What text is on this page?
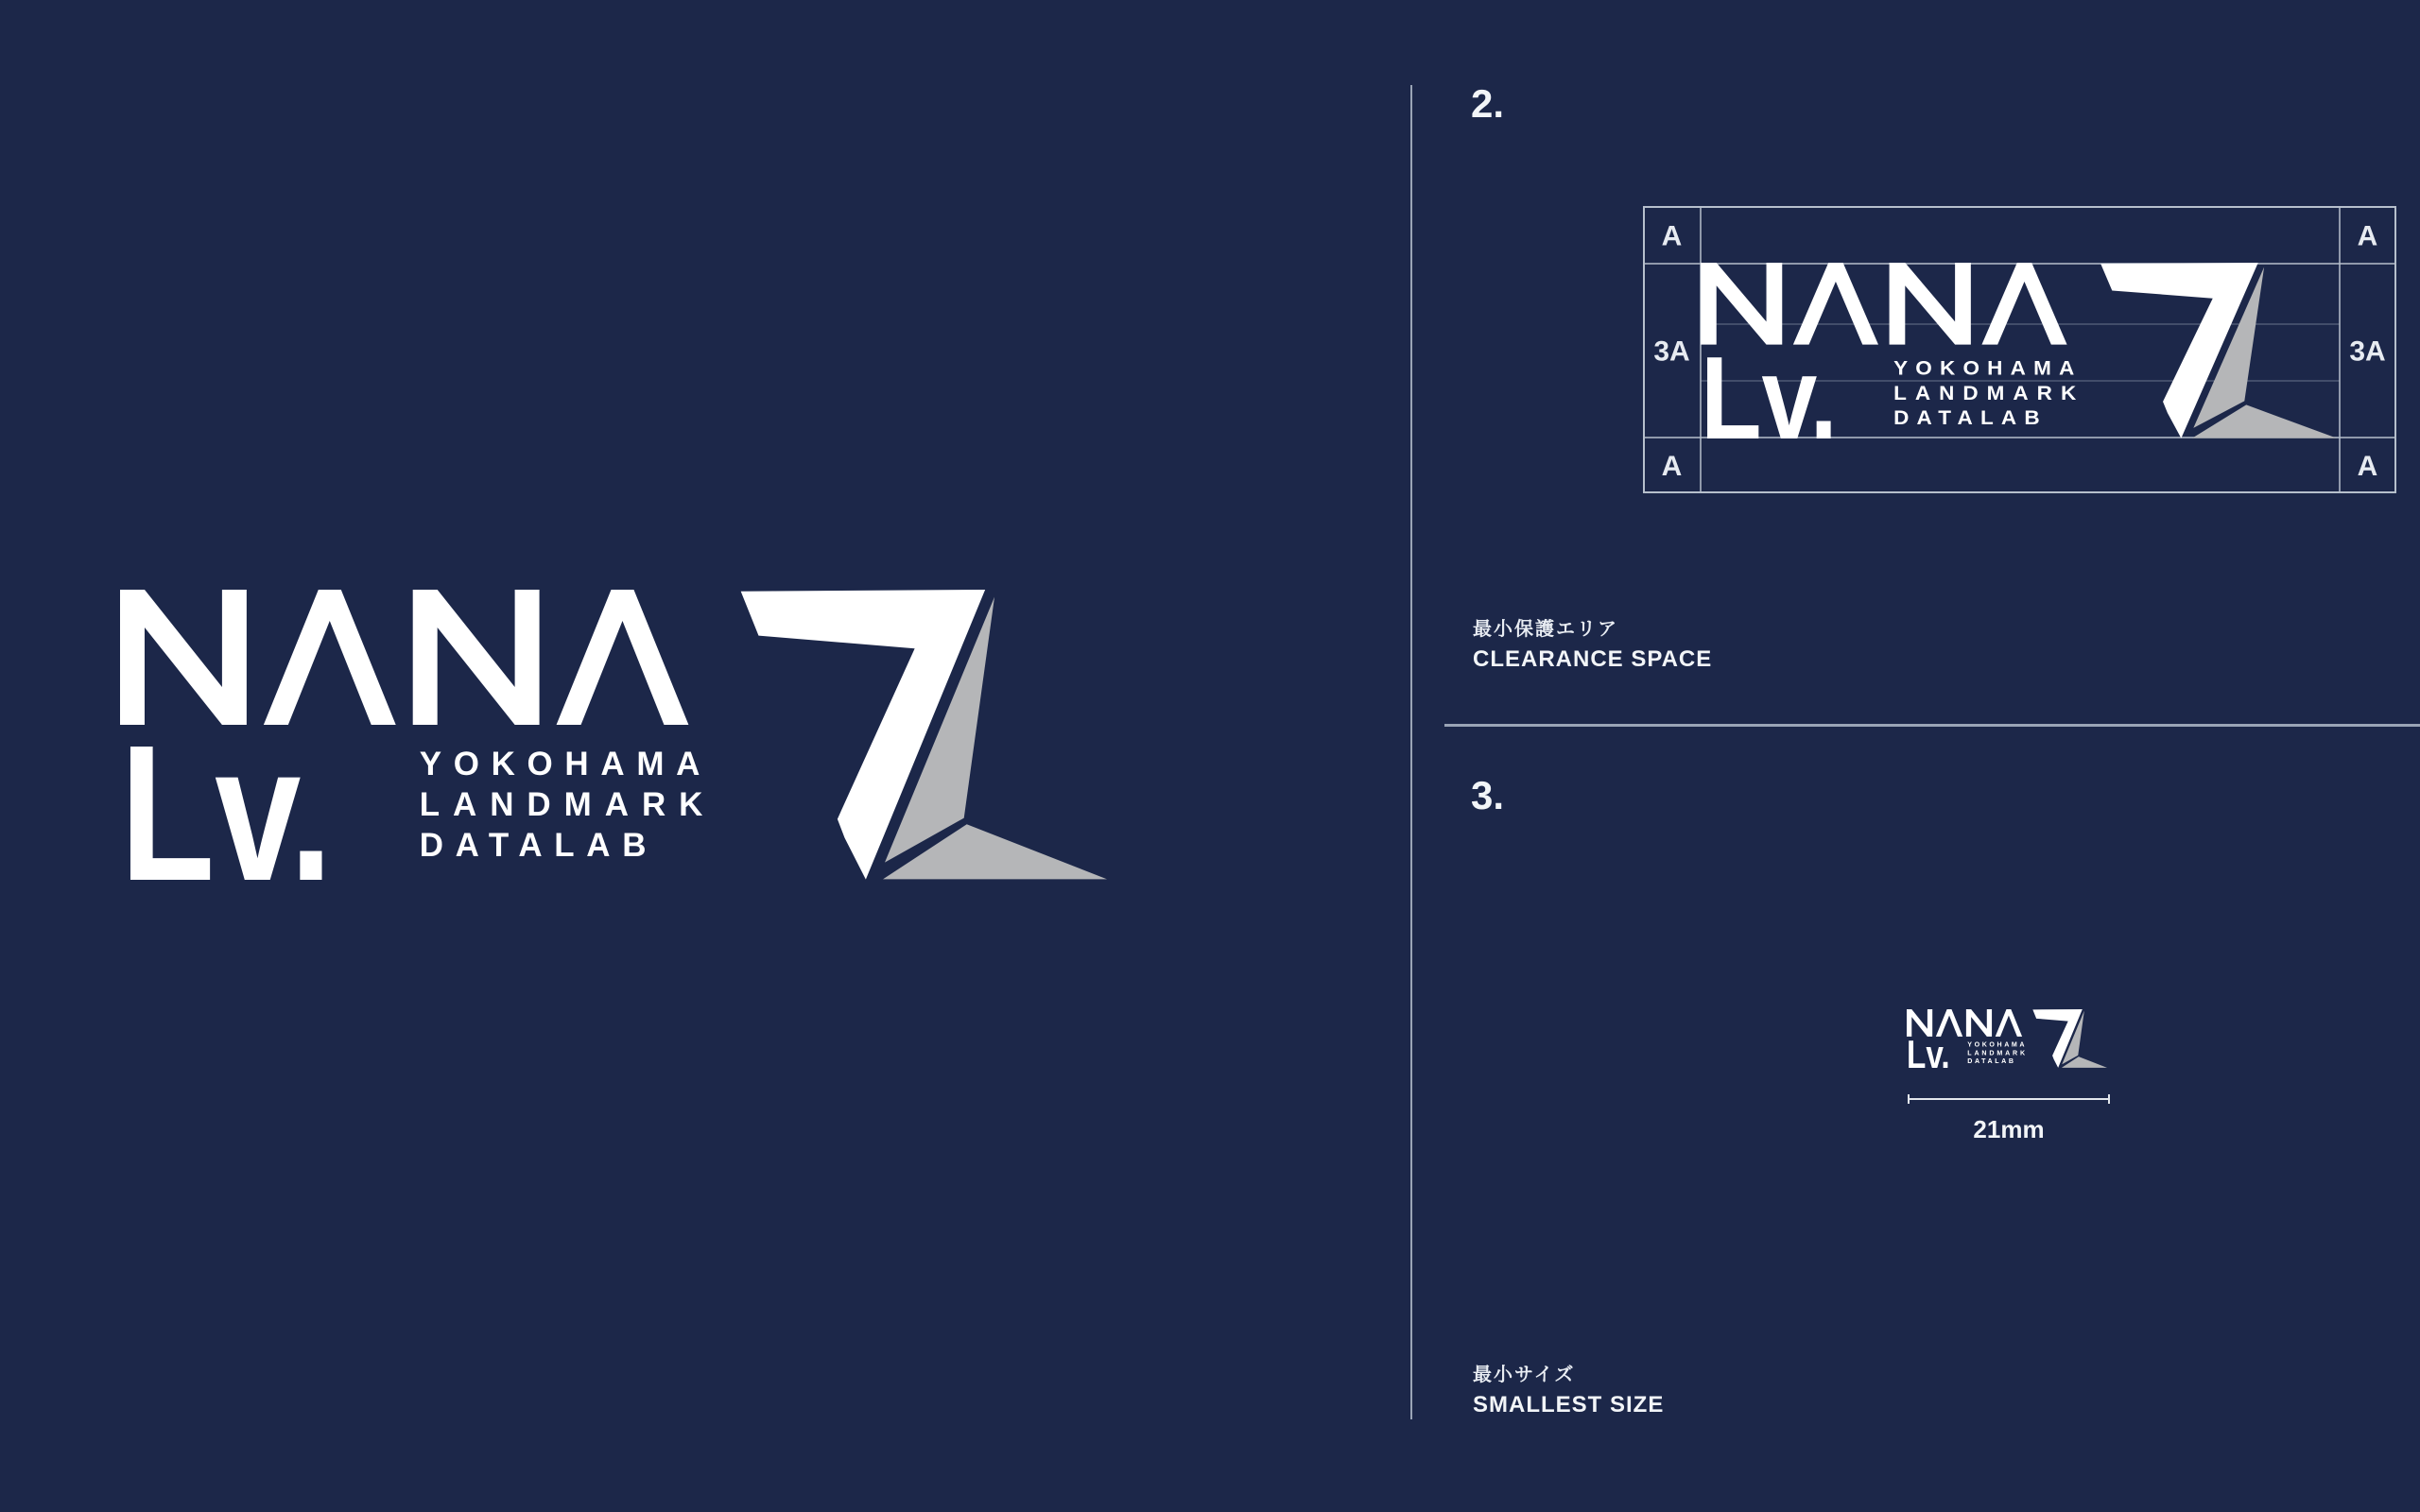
Lv.	YOKOHAMA
LANDMARK
DATALAB
2.
A
3A
A
A
3A
A
Lv. YOKOHAMA
LANDMARK
DATALAB
最小保護エリア
CLEARANCE SPACE
3.
Lv. YOKOHAMA
LANDMARK
DATALAB
21mm
最小サイズ
SMALLEST SIZE
